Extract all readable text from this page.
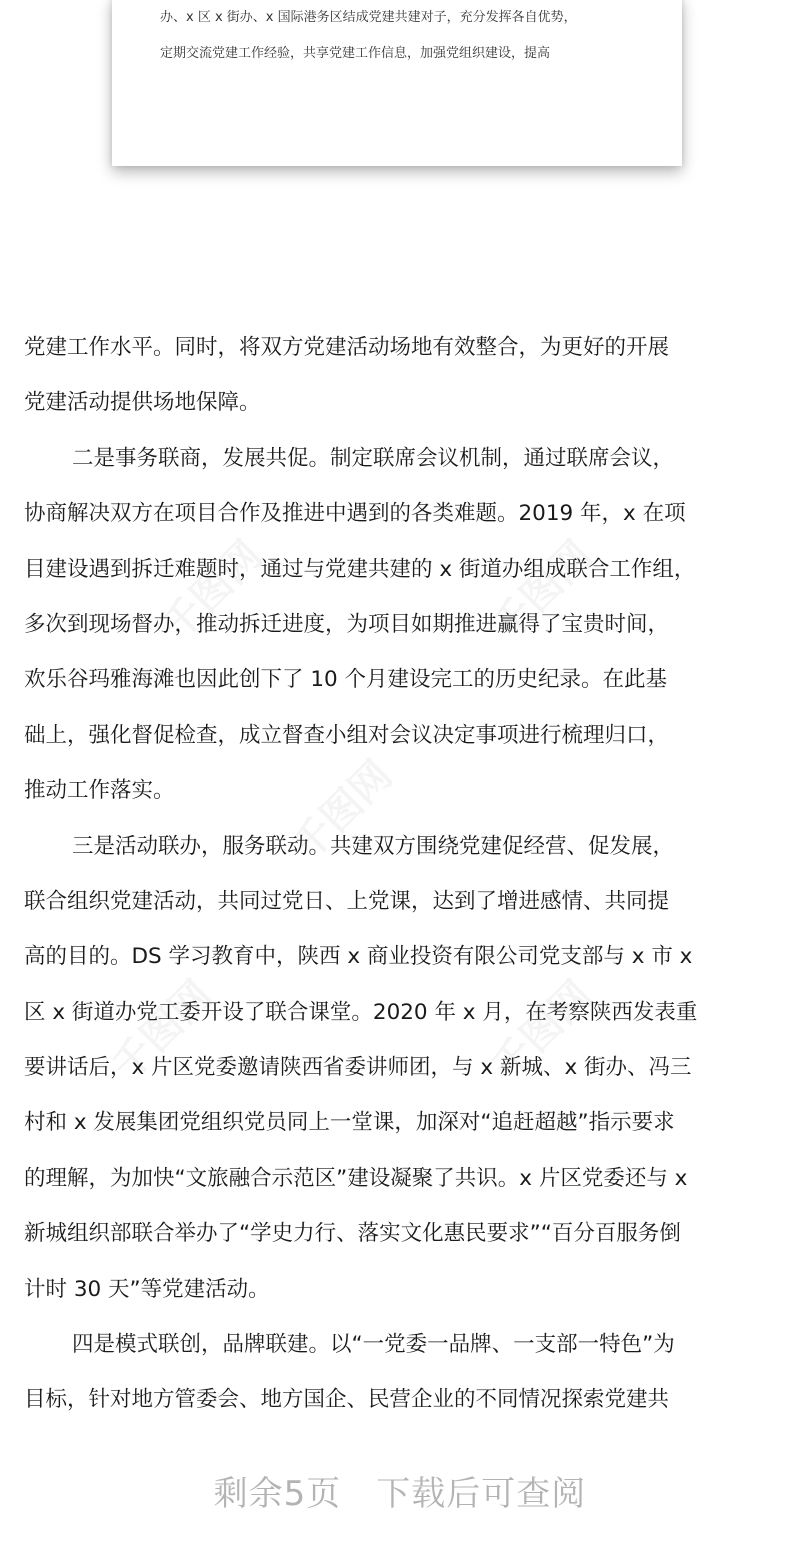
办、x 区 x 街办、x 国际港务区结成党建共建对子，充分发挥各自优势，
定期交流党建工作经验，共享党建工作信息，加强党组织建设，提高
党建工作水平。同时，将双方党建活动场地有效整合，为更好的开展
党建活动提供场地保障。
二是事务联商，发展共促。制定联席会议机制，通过联席会议，
协商解决双方在项目合作及推进中遇到的各类难题。2019 年，x 在项
目建设遇到拆迁难题时，通过与党建共建的 x 街道办组成联合工作组，
多次到现场督办，推动拆迁进度，为项目如期推进赢得了宝贵时间，
欢乐谷玛雅海滩也因此创下了 10 个月建设完工的历史纪录。在此基
础上，强化督促检查，成立督查小组对会议决定事项进行梳理归口，
推动工作落实。
三是活动联办，服务联动。共建双方围绕党建促经营、促发展，
联合组织党建活动，共同过党日、上党课，达到了增进感情、共同提
高的目的。DS 学习教育中，陕西 x 商业投资有限公司党支部与 x 市 x
区 x 街道办党工委开设了联合课堂。2020 年 x 月，在考察陕西发表重
要讲话后，x 片区党委邀请陕西省委讲师团，与 x 新城、x 街办、冯三
村和 x 发展集团党组织党员同上一堂课，加深对“追赶超越”指示要求
的理解，为加快“文旅融合示范区”建设凝聚了共识。x 片区党委还与 x
新城组织部联合举办了“学史力行、落实文化惠民要求”“百分百服务倒
计时 30 天”等党建活动。
四是模式联创，品牌联建。以“一党委一品牌、一支部一特色”为
目标，针对地方管委会、地方国企、民营企业的不同情况探索党建共
剩余5页　下载后可查阅
